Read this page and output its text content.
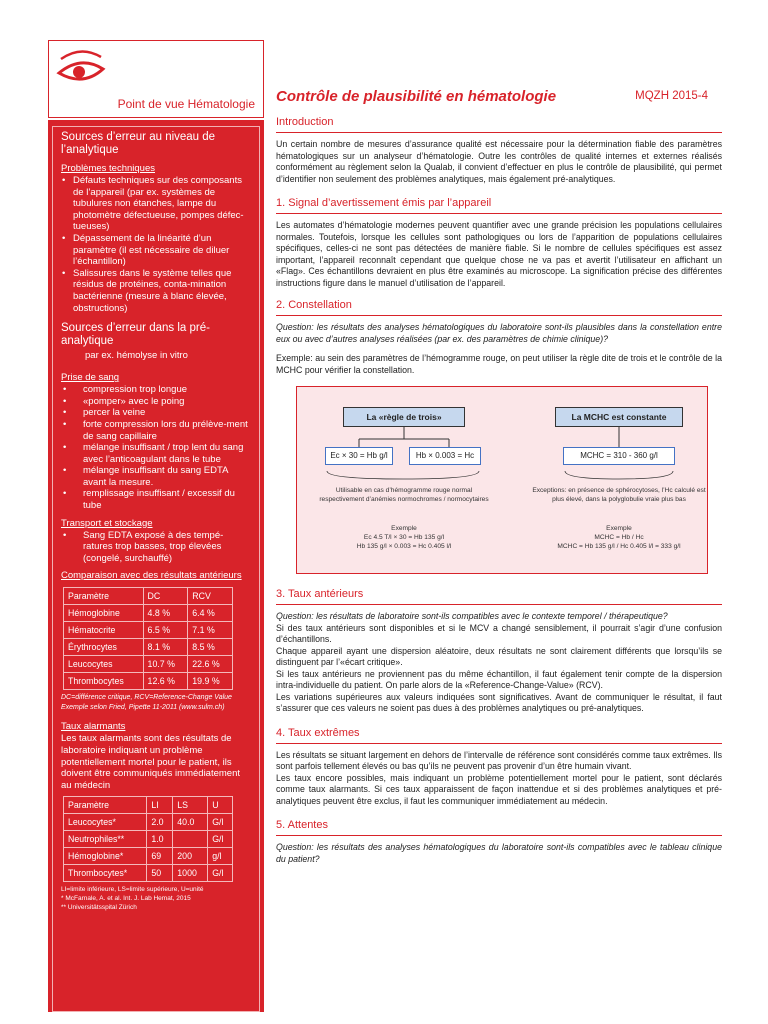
Point de vue Hématologie
Sources d’erreur au niveau de l’analytique
Problèmes techniques
• Défauts techniques sur des composants de l’appareil (par ex. systèmes de tubulures non étanches, lampe du photomètre défectueuse, pompes défec-tueuses)
• Dépassement de la linéarité d’un paramètre (il est nécessaire de diluer l’échantillon)
• Salissures dans le système telles que résidus de protéines, conta-mination bactérienne (mesure à blanc élevée, obstructions)
Sources d’erreur dans la pré-analytique
par ex. hémolyse in vitro
Prise de sang
• compression trop longue
• «pomper» avec le poing
• percer la veine
• forte compression lors du prélève-ment de sang capillaire
• mélange insuffisant / trop lent du sang avec l’anticoagulant dans le tube
• mélange insuffisant du sang EDTA avant la mesure.
• remplissage insuffisant / excessif du tube
Transport et stockage
• Sang EDTA exposé à des tempé-ratures trop basses, trop élevées (congelé, surchauffé)
Comparaison avec des résultats antérieurs
Paramètre	DC	RCV
Hémoglobine	4.8 %	6.4 %
Hématocrite	6.5 %	7.1 %
Érythrocytes	8.1 %	8.5 %
Leucocytes	10.7 %	22.6 %
Thrombocytes	12.6 %	19.9 %
DC=différence critique, RCV=Reference-Change Value
Exemple selon Fried, Pipette 11-2011 (www.sulm.ch)
Taux alarmants
Les taux alarmants sont des résultats de laboratoire indiquant un problème potentiellement mortel pour le patient, ils doivent être communiqués immédiatement au médecin
Paramètre	LI	LS	U
Leucocytes*	2.0	40.0	G/l
Neutrophiles**	1.0		G/l
Hémoglobine*	69	200	g/l
Thrombocytes*	50	1000	G/l
LI=limite inférieure, LS=limite supérieure, U=unité
* McFarnale, A. et al. Int. J. Lab Hemat, 2015
** Universitätsspital Zürich
Contrôle de plausibilité en hématologie	MQZH 2015-4
Introduction
Un certain nombre de mesures d’assurance qualité est nécessaire pour la détermination fiable des paramètres hématologiques sur un analyseur d’hématologie. Outre les contrôles de qualité internes et externes réalisés conformément au règlement selon la Qualab, il convient d’effectuer en plus le contrôle de plausibilité, qui permet d’identifier non seulement des problèmes analytiques, mais également pré-analytiques.
1. Signal d’avertissement émis par l’appareil
Les automates d’hématologie modernes peuvent quantifier avec une grande précision les populations cellulaires normales. Toutefois, lorsque les cellules sont pathologiques ou lors de l’apparition de populations cellulaires spécifiques, celles-ci ne sont pas détectées de manière fiable. Si le nombre de cellules spécifiques est assez important, l’appareil reconnaît cependant que quelque chose ne va pas et avertit l’utilisateur en affichant un «Flag». Ces échantillons devraient en plus être examinés au microscope. La signification précise des différentes instructions figure dans le manuel d’utilisation de l’appareil.
2. Constellation
Question: les résultats des analyses hématologiques du laboratoire sont-ils plausibles dans la constellation entre eux ou avec d’autres analyses réalisées (par ex. des paramètres de chimie clinique)?
Exemple: au sein des paramètres de l’hémogramme rouge, on peut utiliser la règle dite de trois et le contrôle de la MCHC pour vérifier la constellation.
La «règle de trois»	La MCHC est constante
Ec × 30 = Hb g/l	Hb × 0.003 = Hc	MCHC = 310 - 360 g/l
Utilisable en cas d’hémogramme rouge normal respectivement d’anémies normochromes / normocytaires
Exemple
Ec 4.5 T/l × 30 = Hb 135 g/l
Hb 135 g/l × 0.003 = Hc 0.405 l/l
Exceptions: en présence de sphérocytoses, l’Hc calculé est plus élevé, dans la polyglobulie vraie plus bas
Exemple
MCHC = Hb / Hc
MCHC = Hb 135 g/l / Hc 0.405 l/l = 333 g/l
3. Taux antérieurs
Question: les résultats de laboratoire sont-ils compatibles avec le contexte temporel / thérapeutique?
Si des taux antérieurs sont disponibles et si le MCV a changé sensiblement, il pourrait s’agir d’une confusion d’échantillons.
Chaque appareil ayant une dispersion aléatoire, deux résultats ne sont clairement différents que lorsqu’ils se distinguent par l’«écart critique».
Si les taux antérieurs ne proviennent pas du même échantillon, il faut également tenir compte de la dispersion intra-individuelle du patient. On parle alors de la «Reference-Change-Value» (RCV).
Les variations supérieures aux valeurs indiquées sont significatives. Avant de communiquer le résultat, il faut s’assurer que ces valeurs ne soient pas dues à des problèmes analytiques ou pré-analytiques.
4. Taux extrêmes
Les résultats se situant largement en dehors de l’intervalle de référence sont considérés comme taux extrêmes. Ils sont parfois tellement élevés ou bas qu’ils ne peuvent pas provenir d’un être humain vivant.
Les taux encore possibles, mais indiquant un problème potentiellement mortel pour le patient, sont déclarés comme taux alarmants. Si ces taux apparaissent de façon inattendue et si des problèmes analytiques et pré-analytiques peuvent être exclus, il faut les communiquer immédiatement au médecin.
5. Attentes
Question: les résultats des analyses hématologiques du laboratoire sont-ils compatibles avec le tableau clinique du patient?
